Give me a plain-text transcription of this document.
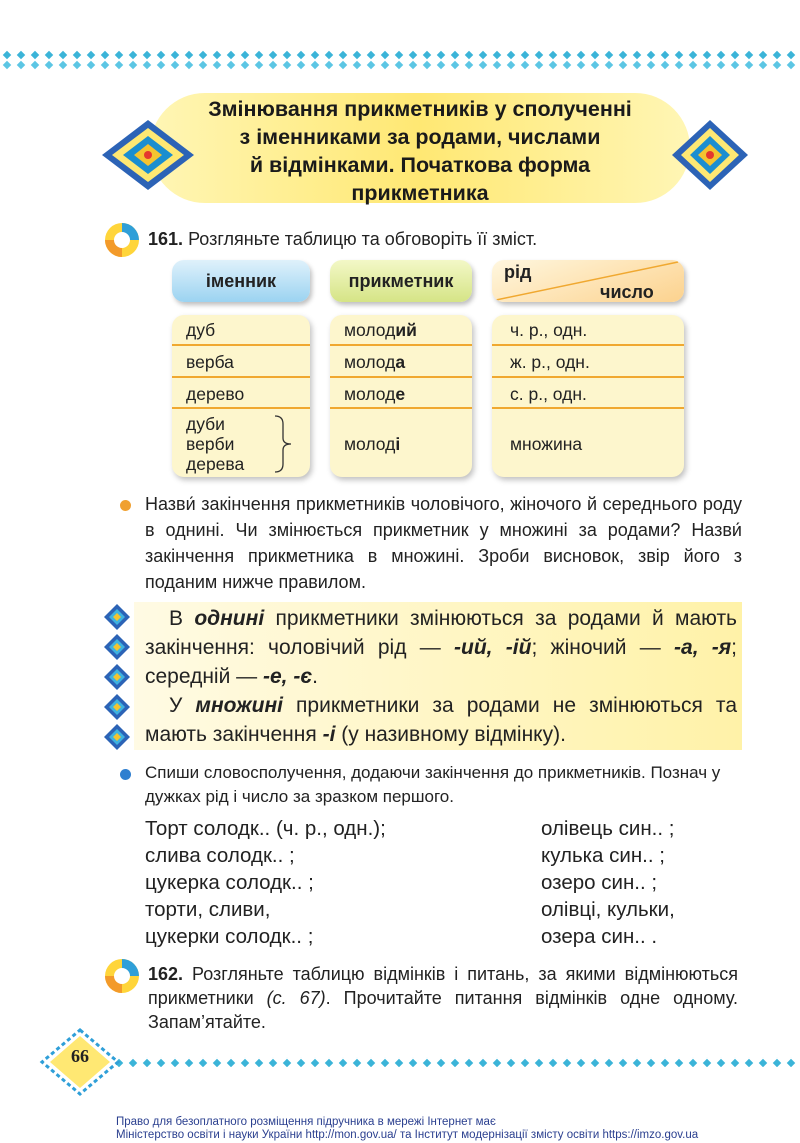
Змінювання прикметників у сполученні
з іменниками за родами, числами
й відмінками. Початкова форма
прикметника
161. Розгляньте таблицю та обговоріть її зміст.
іменник	прикметник	рід
число
дуб
верба
дерево
дуби
верби
дерева
молодий
молода
молоде
молоді
ч. р., одн.
ж. р., одн.
с. р., одн.
множина
Назви́ закінчення прикметників чоловічого, жіночого й середнього роду в однині. Чи змінюється прикметник у множині за родами? Назви́ закінчення прикметника в множині. Зроби висновок, звір його з поданим нижче правилом.
В однині прикметники змінюються за родами й мають закінчення: чоловічий рід — -ий, -ій; жіночий — -а, -я; середній — -е, -є.
У множині прикметники за родами не змінюються та мають закінчення -і (у називному відмінку).
Спиши словосполучення, додаючи закінчення до прикметників. Познач у дужках рід і число за зразком першого.
Торт солодк.. (ч. р., одн.);
слива солодк.. ;
цукерка солодк.. ;
торти, сливи,
цукерки солодк.. ;
олівець син.. ;
кулька син.. ;
озеро син.. ;
олівці, кульки,
озера син.. .
162. Розгляньте таблицю відмінків і питань, за якими відмінюються прикметники (с. 67). Прочитайте питання відмінків одне одному. Запам’ятайте.
66
Право для безоплатного розміщення підручника в мережі Інтернет має
Міністерство освіти і науки України http://mon.gov.ua/ та Інститут модернізації змісту освіти https://imzo.gov.ua
